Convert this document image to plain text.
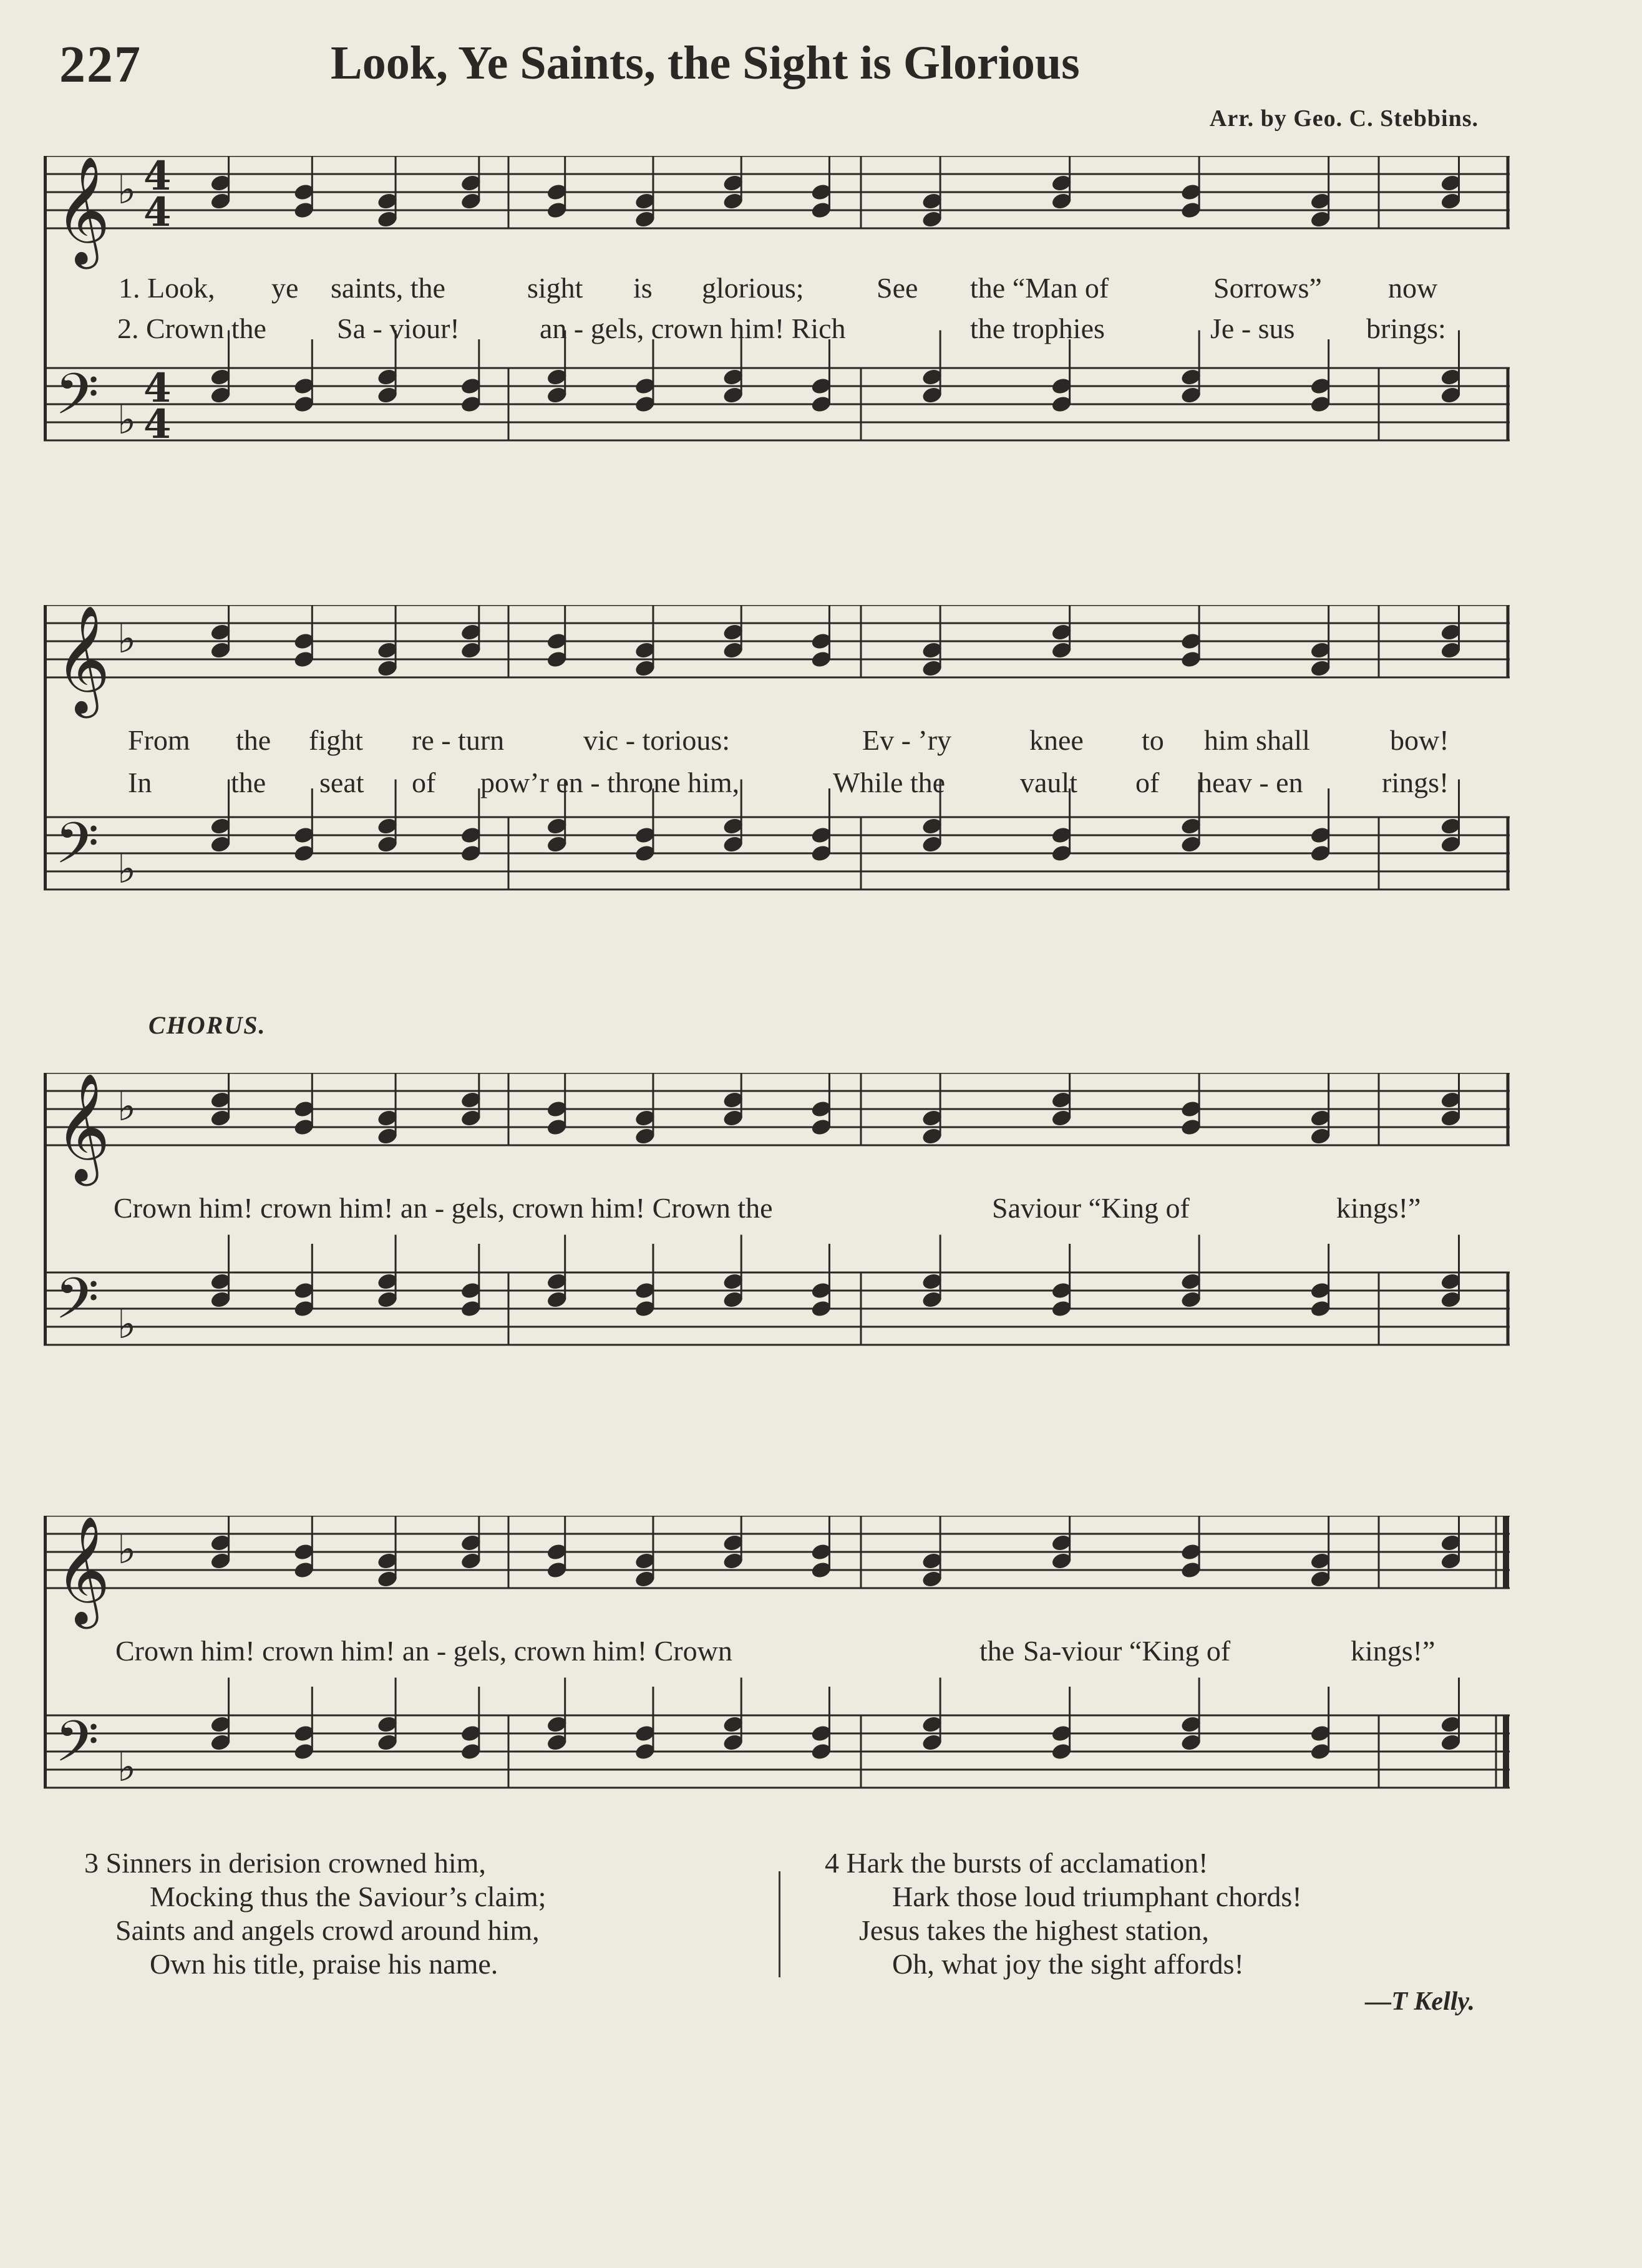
227	Look, Ye Saints, the Sight is Glorious
Arr. by Geo. C. Stebbins.
𝄞
𝄢
♭
♭
4
4
4
4
1. Look, ye saints, the	sight is glorious;	See the “Man of	Sorrows” now
2. Crown the Sa - viour!	an - gels, crown him! Rich	the trophies	Je - sus brings:
𝄞
𝄢
♭
♭
From the fight re - turn	vic - torious:	Ev - ’ry	knee to him shall	bow!
In	the seat of pow’r en - throne him,	While the	vault of heav - en	rings!
CHORUS.
𝄞
𝄢
♭
♭
Crown him! crown him! an - gels, crown him! Crown the	Saviour “King of	kings!”
𝄞
𝄢
♭
♭
Crown him! crown him! an - gels, crown him! Crown	the Sa-viour “King of	kings!”
3 Sinners in derision crowned him,
Mocking thus the Saviour’s claim;
Saints and angels crowd around him,
Own his title, praise his name.
4 Hark the bursts of acclamation!
Hark those loud triumphant chords!
Jesus takes the highest station,
Oh, what joy the sight affords!
—T Kelly.
